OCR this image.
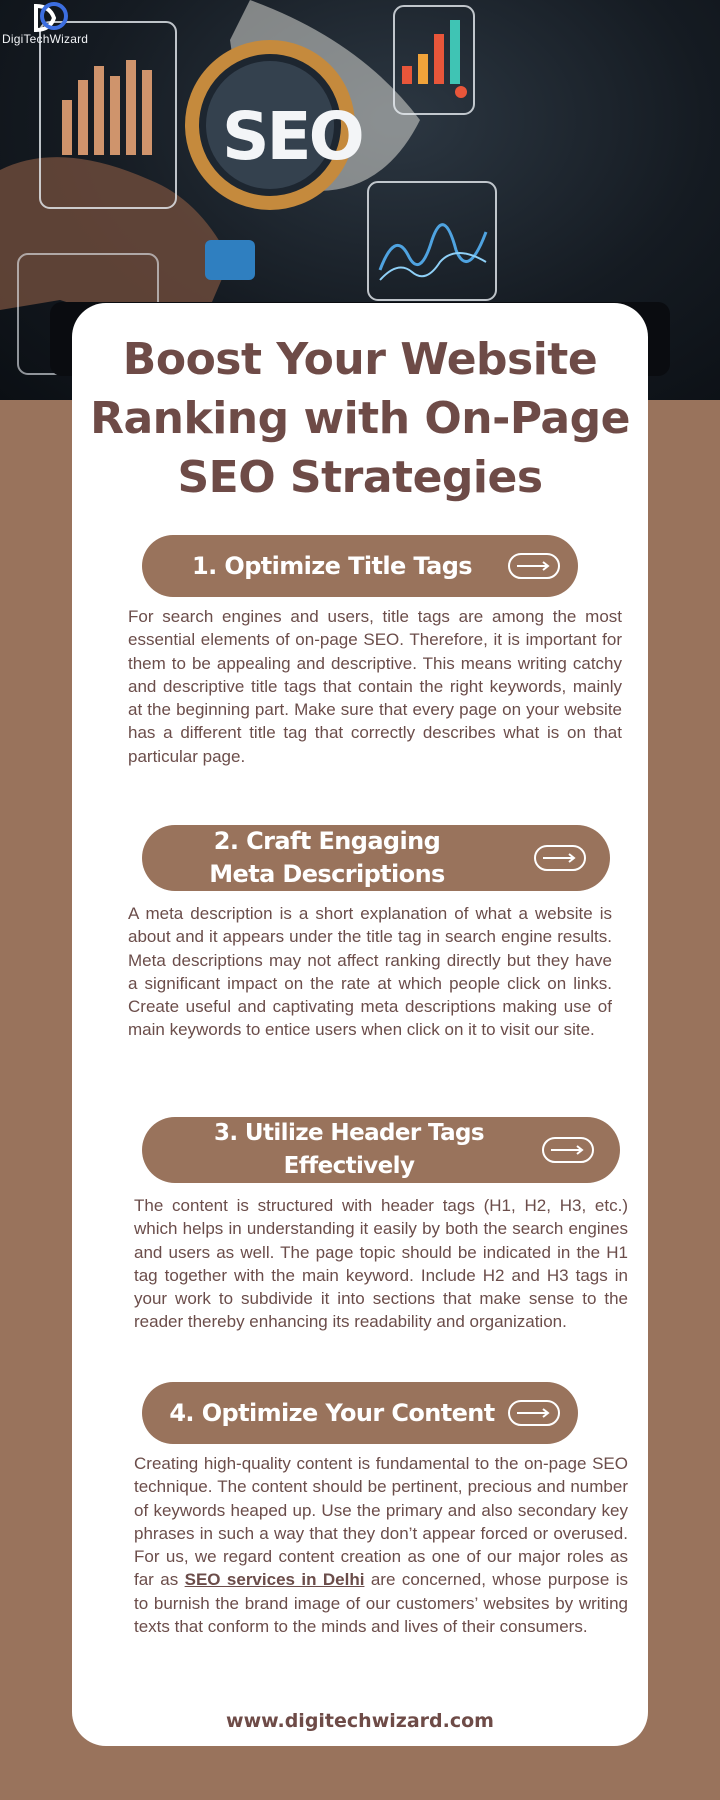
SEO
DigiTechWizard
Boost Your Website Ranking with On-Page SEO Strategies
1. Optimize Title Tags
For search engines and users, title tags are among the most essential elements of on-page SEO. Therefore, it is important for them to be appealing and descriptive. This means writing catchy and descriptive title tags that contain the right keywords, mainly at the beginning part. Make sure that every page on your website has a different title tag that correctly describes what is on that particular page.
2. Craft Engaging Meta Descriptions
A meta description is a short explanation of what a website is about and it appears under the title tag in search engine results. Meta descriptions may not affect ranking directly but they have a significant impact on the rate at which people click on links. Create useful and captivating meta descriptions making use of main keywords to entice users when click on it to visit our site.
3. Utilize Header Tags Effectively
The content is structured with header tags (H1, H2, H3, etc.) which helps in understanding it easily by both the search engines and users as well. The page topic should be indicated in the H1 tag together with the main keyword. Include H2 and H3 tags in your work to subdivide it into sections that make sense to the reader thereby enhancing its readability and organization.
4. Optimize Your Content
Creating high-quality content is fundamental to the on-page SEO technique. The content should be pertinent, precious and number of keywords heaped up. Use the primary and also secondary key phrases in such a way that they don’t appear forced or overused. For us, we regard content creation as one of our major roles as far as SEO services in Delhi are concerned, whose purpose is to burnish the brand image of our customers’ websites by writing texts that conform to the minds and lives of their consumers.
www.digitechwizard.com
